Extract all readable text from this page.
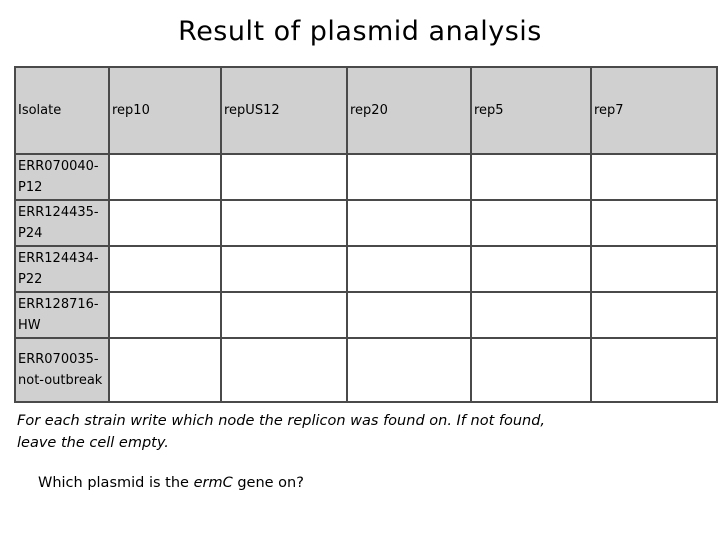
Result of plasmid analysis
Isolate	rep10	repUS12	rep20	rep5	rep7
ERR070040-P12					
ERR124435-P24					
ERR124434-P22					
ERR128716-HW					
ERR070035-not-outbreak					
For each strain write which node the replicon was found on. If not found, leave the cell empty.
Which plasmid is the ermC gene on?
